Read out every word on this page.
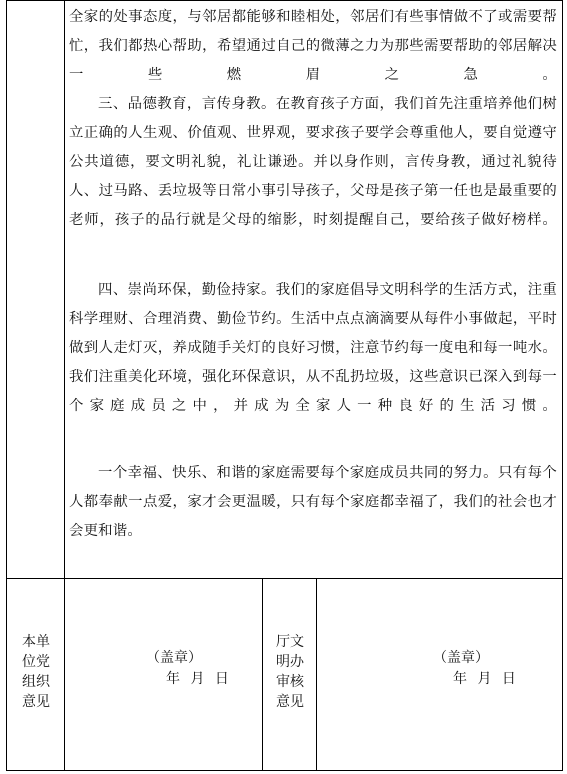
全家的处事态度，与邻居都能够和睦相处，邻居们有些事情做不了或需要帮忙，我们都热心帮助，希望通过自己的微薄之力为那些需要帮助的邻居解决一些燃眉之急。

三、品德教育，言传身教。在教育孩子方面，我们首先注重培养他们树立正确的人生观、价值观、世界观，要求孩子要学会尊重他人，要自觉遵守公共道德，要文明礼貌，礼让谦逊。并以身作则，言传身教，通过礼貌待人、过马路、丢垃圾等日常小事引导孩子，父母是孩子第一任也是最重要的老师，孩子的品行就是父母的缩影，时刻提醒自己，要给孩子做好榜样。

四、崇尚环保，勤俭持家。我们的家庭倡导文明科学的生活方式，注重科学理财、合理消费、勤俭节约。生活中点点滴滴要从每件小事做起，平时做到人走灯灭，养成随手关灯的良好习惯，注意节约每一度电和每一吨水。我们注重美化环境，强化环保意识，从不乱扔垃圾，这些意识已深入到每一个家庭成员之中，并成为全家人一种良好的生活习惯。

一个幸福、快乐、和谐的家庭需要每个家庭成员共同的努力。只有每个人都奉献一点爱，家才会更温暖，只有每个家庭都幸福了，我们的社会也才会更和谐。

本单
位党
组织
意见
（盖章）
年 月 日
厅文
明办
审核
意见
（盖章）
年 月 日
